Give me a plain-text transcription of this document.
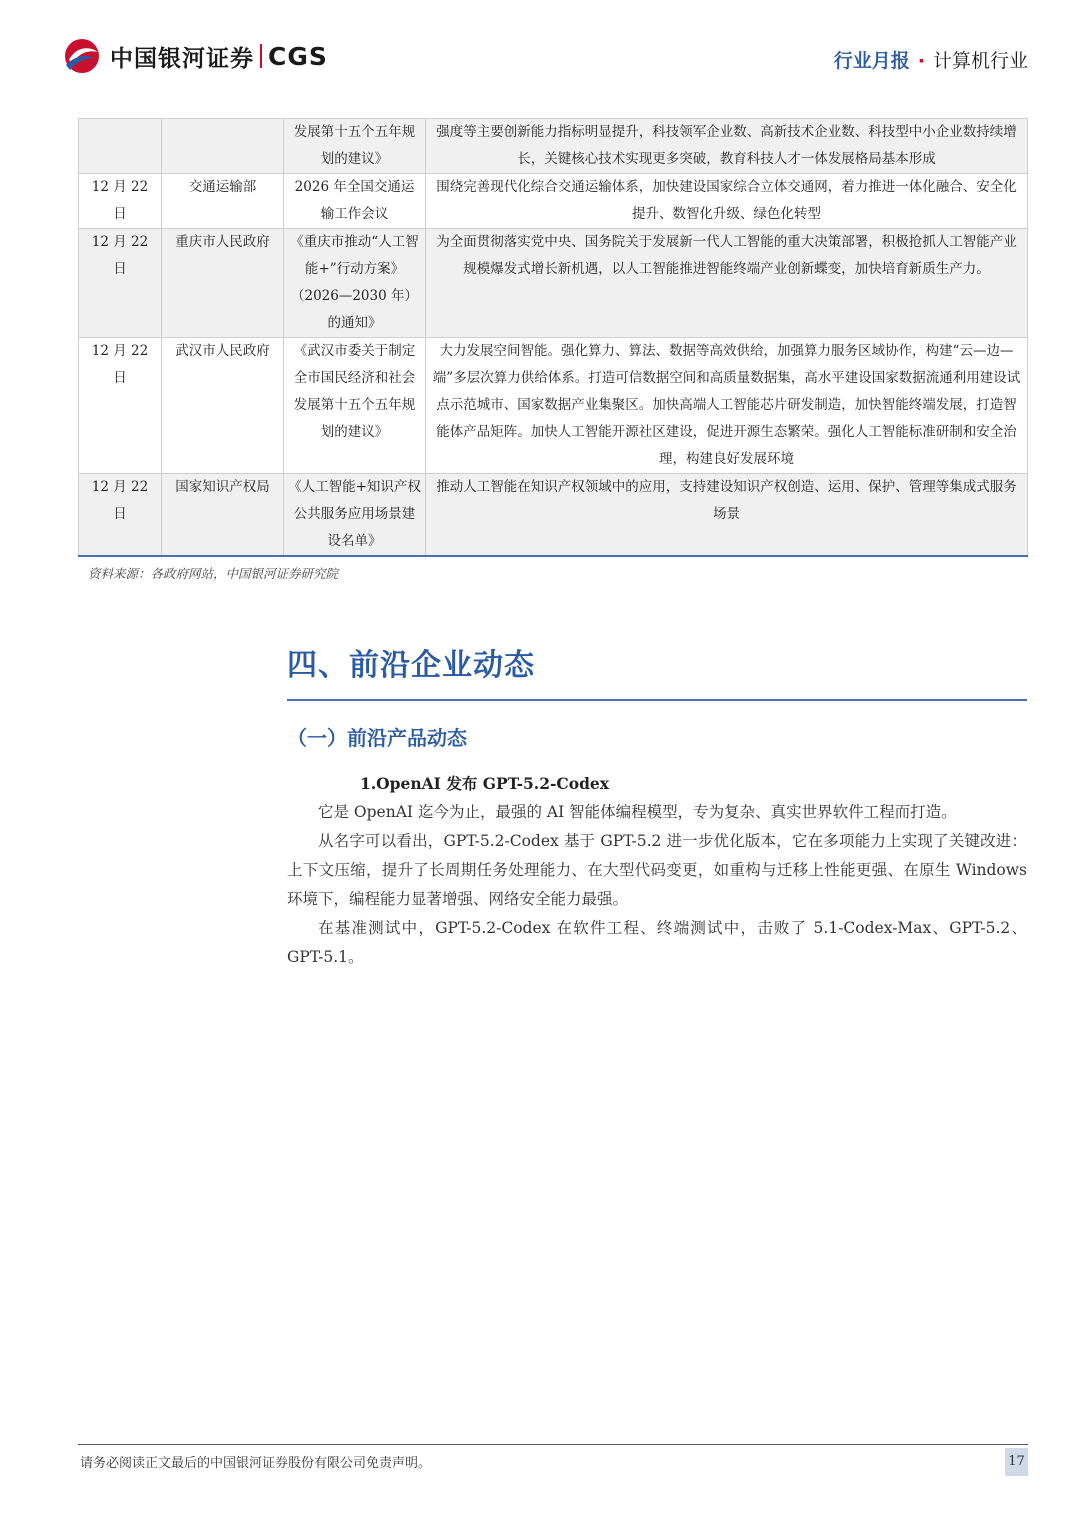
中国银河证券 CGS	行业月报 · 计算机行业
		发展第十五个五年规划的建议》	强度等主要创新能力指标明显提升，科技领军企业数、高新技术企业数、科技型中小企业数持续增长，关键核心技术实现更多突破，教育科技人才一体发展格局基本形成
12 月 22 日	交通运输部	2026 年全国交通运输工作会议	围绕完善现代化综合交通运输体系，加快建设国家综合立体交通网，着力推进一体化融合、安全化提升、数智化升级、绿色化转型
12 月 22 日	重庆市人民政府	《重庆市推动“人工智能+”行动方案》（2026—2030 年）的通知》	为全面贯彻落实党中央、国务院关于发展新一代人工智能的重大决策部署，积极抢抓人工智能产业规模爆发式增长新机遇，以人工智能推进智能终端产业创新蝶变，加快培育新质生产力。
12 月 22 日	武汉市人民政府	《武汉市委关于制定全市国民经济和社会发展第十五个五年规划的建议》	大力发展空间智能。强化算力、算法、数据等高效供给，加强算力服务区域协作，构建“云—边—端”多层次算力供给体系。打造可信数据空间和高质量数据集，高水平建设国家数据流通利用建设试点示范城市、国家数据产业集聚区。加快高端人工智能芯片研发制造，加快智能终端发展，打造智能体产品矩阵。加快人工智能开源社区建设，促进开源生态繁荣。强化人工智能标准研制和安全治理，构建良好发展环境
12 月 22 日	国家知识产权局	《人工智能+知识产权公共服务应用场景建设名单》	推动人工智能在知识产权领域中的应用，支持建设知识产权创造、运用、保护、管理等集成式服务场景
资料来源：各政府网站，中国银河证券研究院
四、前沿企业动态
（一）前沿产品动态
1.OpenAI 发布 GPT-5.2-Codex

它是 OpenAI 迄今为止，最强的 AI 智能体编程模型，专为复杂、真实世界软件工程而打造。

从名字可以看出，GPT-5.2-Codex 基于 GPT-5.2 进一步优化版本，它在多项能力上实现了关键改进：上下文压缩，提升了长周期任务处理能力、在大型代码变更，如重构与迁移上性能更强、在原生 Windows 环境下，编程能力显著增强、网络安全能力最强。

在基准测试中，GPT-5.2-Codex 在软件工程、终端测试中，击败了 5.1-Codex-Max、GPT-5.2、GPT-5.1。

请务必阅读正文最后的中国银河证券股份有限公司免责声明。	17
